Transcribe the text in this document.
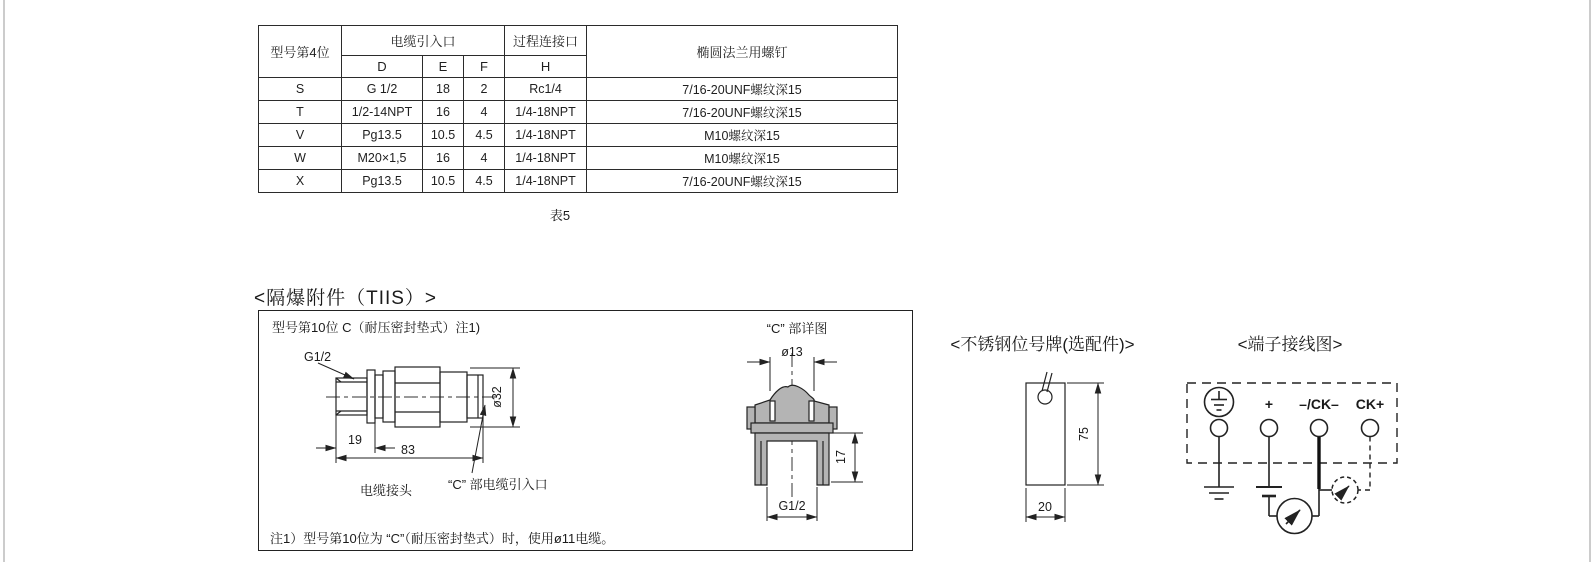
型号第4位	电缆引入口			过程连接口	椭圆法兰用螺钉
	D	E	F	H	
S	G 1/2	18	2	Rc1/4	7/16-20UNF螺纹深15
T	1/2-14NPT	16	4	1/4-18NPT	7/16-20UNF螺纹深15
V	Pg13.5	10.5	4.5	1/4-18NPT	M10螺纹深15
W	M20×1,5	16	4	1/4-18NPT	M10螺纹深15
X	Pg13.5	10.5	4.5	1/4-18NPT	7/16-20UNF螺纹深15
表5
<隔爆附件（TIIS）>
型号第10位 C（耐压密封垫式）注1)
注1）型号第10位为 “C”（耐压密封垫式）时，使用ø11电缆。
G1/2
19
83
ø32
电缆接头	“C” 部电缆引入口
“C” 部详图
ø13
17
G1/2
<不锈钢位号牌(选配件)>
75
20
<端子接线图>
+ –/CK– CK+
